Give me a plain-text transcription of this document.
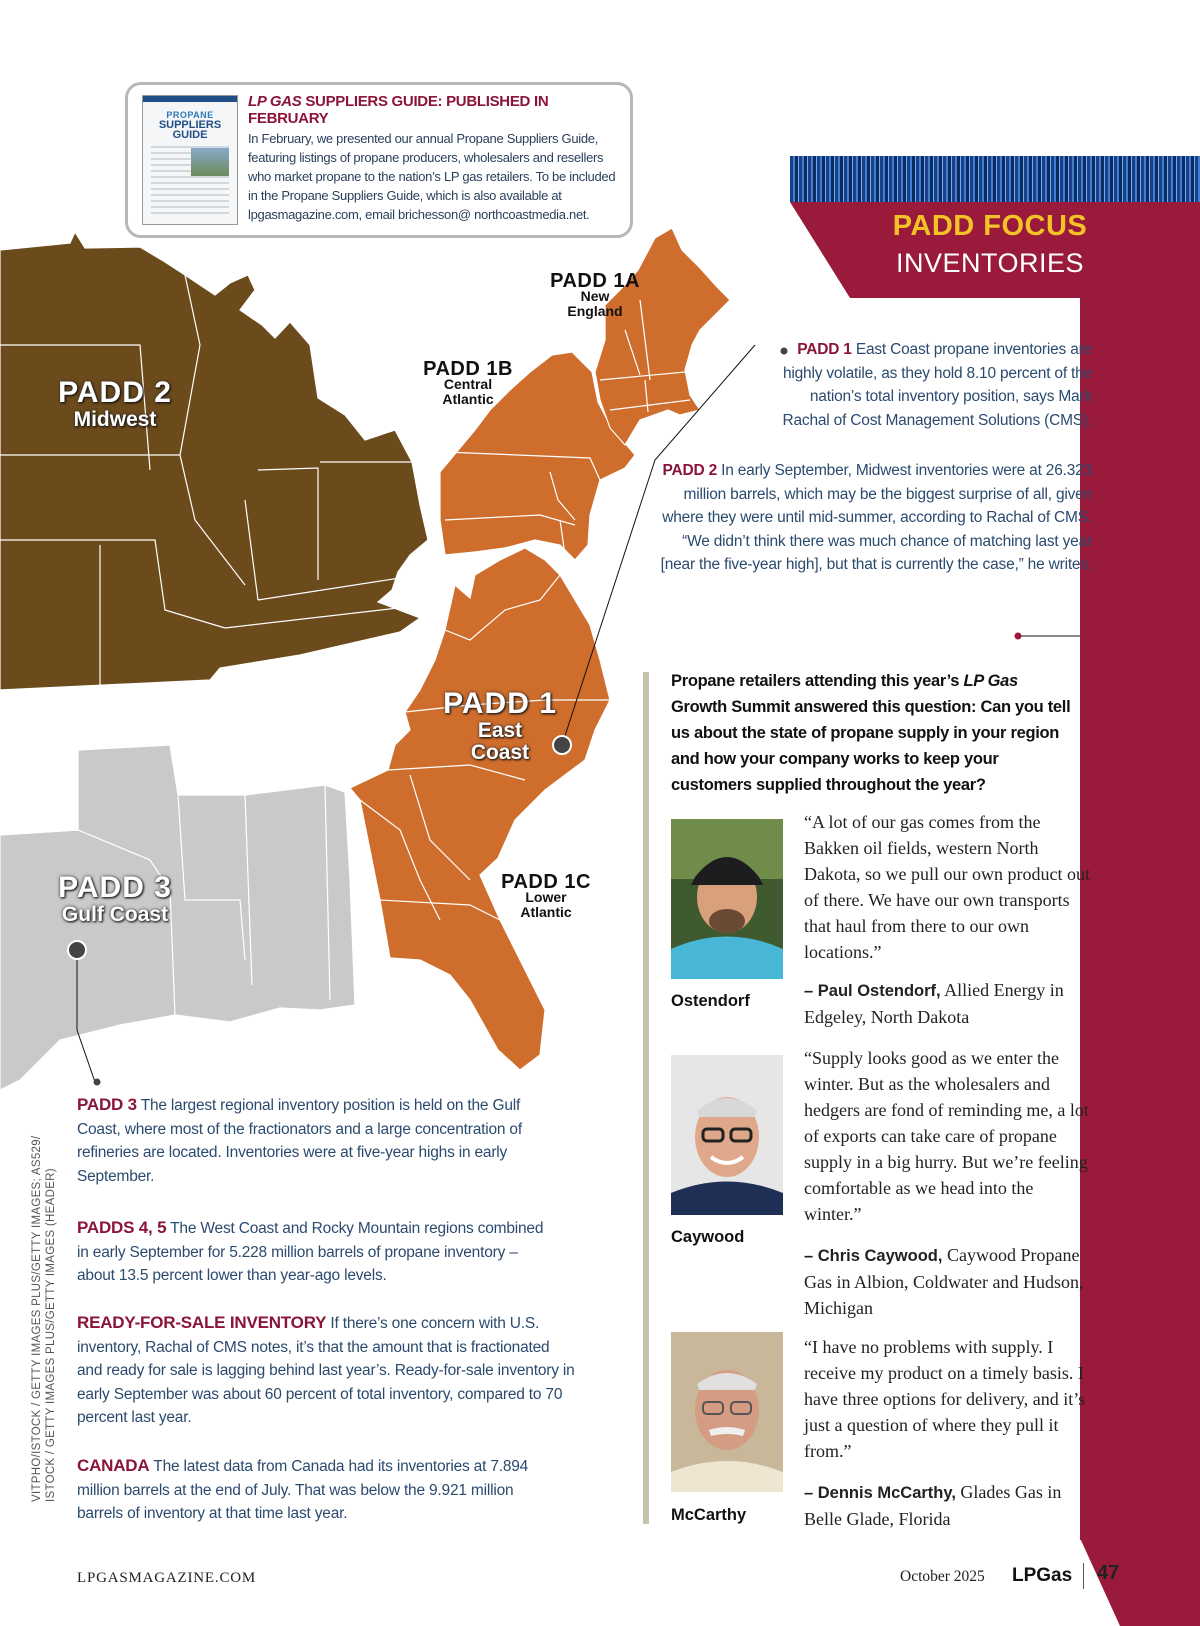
PROPANE
SUPPLIERS GUIDE
LP GAS SUPPLIERS GUIDE: PUBLISHED IN FEBRUARY
In February, we presented our annual Propane Suppliers Guide, featuring listings of propane producers, wholesalers and resellers who market propane to the nation’s LP gas retailers. To be included in the Propane Suppliers Guide, which is also available at lpgasmagazine.com, email brichesson@ northcoastmedia.net.
PADD 1A
New
England
PADD 1B
Central
Atlantic
PADD 1C
Lower
Atlantic
PADD 1
East
Coast
PADD 2
Midwest
PADD 3
Gulf Coast
PADD FOCUS
INVENTORIES
PADD 1 East Coast propane inventories are highly volatile, as they hold 8.10 percent of the nation’s total inventory position, says Mark Rachal of Cost Management Solutions (CMS).
PADD 2 In early September, Midwest inventories were at 26.323 million barrels, which may be the biggest surprise of all, given where they were until mid-summer, according to Rachal of CMS. “We didn’t think there was much chance of matching last year [near the five-year high], but that is currently the case,” he writes.
PADD 3 The largest regional inventory position is held on the Gulf Coast, where most of the fractionators and a large concentration of refineries are located. Inventories were at five-year highs in early September.
PADDS 4, 5 The West Coast and Rocky Mountain regions combined in early September for 5.228 million barrels of propane inventory – about 13.5 percent lower than year-ago levels.
READY-FOR-SALE INVENTORY If there’s one concern with U.S. inventory, Rachal of CMS notes, it’s that the amount that is fractionated and ready for sale is lagging behind last year’s. Ready-for-sale inventory in early September was about 60 percent of total inventory, compared to 70 percent last year.
CANADA The latest data from Canada had its inventories at 7.894 million barrels at the end of July. That was below the 9.921 million barrels of inventory at that time last year.
VITPHO/ISTOCK / GETTY IMAGES PLUS/GETTY IMAGES; AS529/ ISTOCK / GETTY IMAGES PLUS/GETTY IMAGES (HEADER)
Propane retailers attending this year’s LP Gas Growth Summit answered this question: Can you tell us about the state of propane supply in your region and how your company works to keep your customers supplied throughout the year?
Ostendorf
“A lot of our gas comes from the Bakken oil fields, western North Dakota, so we pull our own product out of there. We have our own transports that haul from there to our own locations.”
– Paul Ostendorf, Allied Energy in Edgeley, North Dakota
Caywood
“Supply looks good as we enter the winter. But as the wholesalers and hedgers are fond of reminding me, a lot of exports can take care of propane supply in a big hurry. But we’re feeling comfortable as we head into the winter.”
– Chris Caywood, Caywood Propane Gas in Albion, Coldwater and Hudson, Michigan
McCarthy
“I have no problems with supply. I receive my product on a timely basis. I have three options for delivery, and it’s just a question of where they pull it from.”
– Dennis McCarthy, Glades Gas in Belle Glade, Florida
LPGASMAGAZINE.COM	October 2025 LPGas 47
